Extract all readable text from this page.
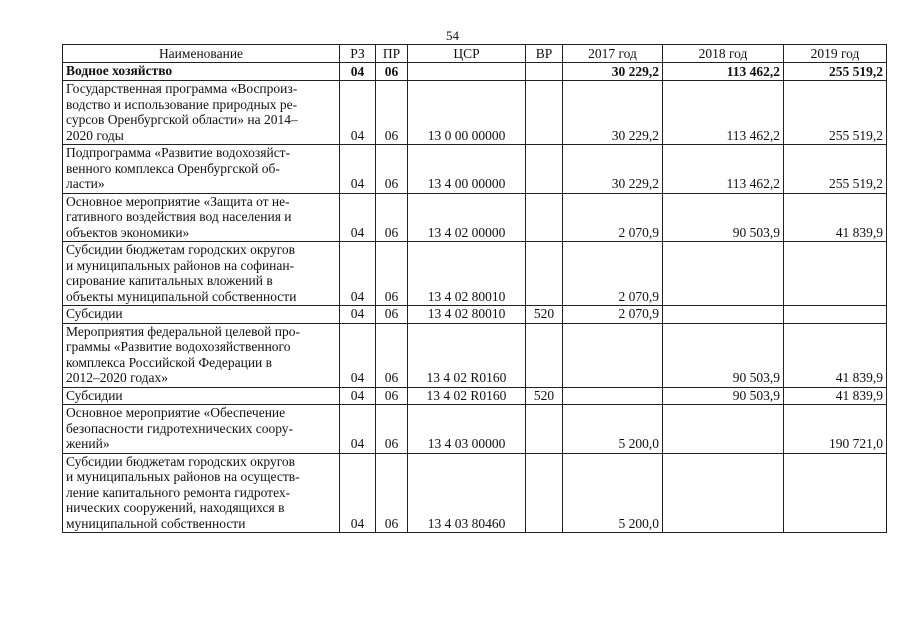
54
Наименование	РЗ	ПР	ЦСР	ВР	2017 год	2018 год	2019 год

Водное хозяйство	04	06			30 229,2	113 462,2	255 519,2

Государственная программа «Воспроиз-
водство и использование природных ре-
сурсов Оренбургской области» на 2014–
2020 годы	04	06	13 0 00 00000		30 229,2	113 462,2	255 519,2

Подпрограмма «Развитие водохозяйст-
венного комплекса Оренбургской об-
ласти»	04	06	13 4 00 00000		30 229,2	113 462,2	255 519,2

Основное мероприятие «Защита от не-
гативного воздействия вод населения и
объектов экономики»	04	06	13 4 02 00000		2 070,9	90 503,9	41 839,9

Субсидии бюджетам городских округов
и муниципальных районов на софинан-
сирование капитальных вложений в
объекты муниципальной собственности	04	06	13 4 02 80010		2 070,9		

Субсидии	04	06	13 4 02 80010	520	2 070,9		

Мероприятия федеральной целевой про-
граммы «Развитие водохозяйственного
комплекса Российской Федерации в
2012–2020 годах»	04	06	13 4 02 R0160			90 503,9	41 839,9

Субсидии	04	06	13 4 02 R0160	520		90 503,9	41 839,9

Основное мероприятие «Обеспечение
безопасности гидротехнических соору-
жений»	04	06	13 4 03 00000		5 200,0		190 721,0

Субсидии бюджетам городских округов
и муниципальных районов на осуществ-
ление капитального ремонта гидротех-
нических сооружений, находящихся в
муниципальной собственности	04	06	13 4 03 80460		5 200,0		
